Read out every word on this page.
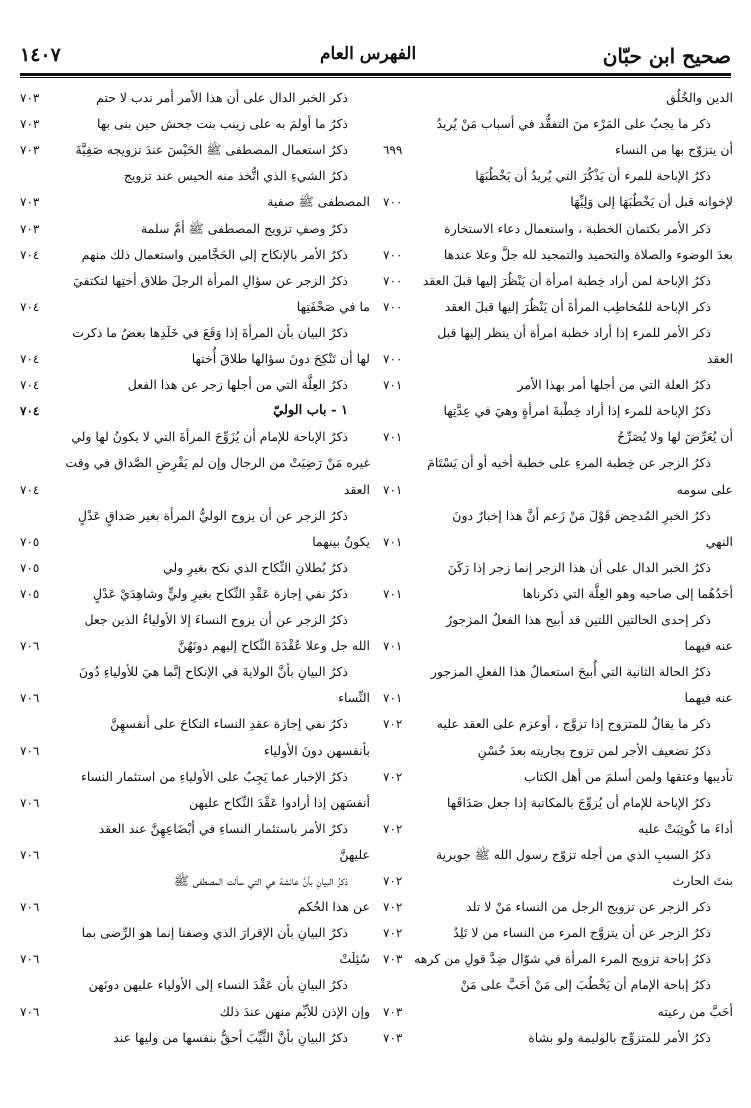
صحيح ابن حبّان
الفهرس العام
١٤٠٧
الدين والخُلُق
ذكر ما يجبُ على المَرْء منَ التفقُّد في أسباب مَنْ يُريدُ
أن يتزوّج بها من النساء
ذكرُ الإباحة للمرء أن يَذْكُرَ التي يُريدُ أن يَخْطُبَهَا
لإخوانه قبل أن يَخْطُبَهَا إلى وَلِيِّهَا
ذكر الأمر بكتمان الخطبة ، واستعمال دعاء الاستخارة
بعدَ الوضوء والصلاة والتحميد والتمجيد لله جلَّ وعلا عندها
ذكرُ الإباحة لمن أراد خِطبة امرأة أن يَنْظُرَ إليها قبلَ العقد
ذكر الإباحة للمُخاطِب المرأةَ أن يَنْظُرَ إليها قبلَ العقد
ذكر الأمر للمرء إذا أراد خطبة امرأة أن ينظر إليها قبل
العقد
ذكرُ العلة التي من أجلها أمر بهذا الأمر
ذكرُ الإباحة للمرء إذا أراد خِطْبةَ امرأةٍ وهيَ في عِدَّتِها
أن يُعَرِّضَ لها ولا يُصَرِّحُ
ذكرُ الزجر عن خِطبة المرءِ على خطبة أخيه أو أن يَسْتَامَ
على سومه
ذكرُ الخبرِ المُدحِض قَوْلَ مَنْ زَعم أنَّ هذا إخبارٌ دونَ
النهي
ذكرُ الخبر الدال على أن هذا الزجر إنما زجر إذا رَكَنَ
أحَدُهُما إلى صاحبه وهو العِلَّة التي ذكرناها
ذكر إحدى الحالتين اللتين قد أبيح هذا الفعلُ المزجورُ
عنه فيهما
ذكرُ الحالة الثانية التي أُبيحَ استعمالُ هذا الفعلِ المزجور
عنه فيهما
ذكر ما يقالُ للمتزوج إذا تزوَّج ، أوعزم على العقد عليه
ذكرُ تضعيف الأجر لمن تزوج بجاريته بعدَ حُسْنِ
تأديبها وعتقها ولمن أسلمَ من أهل الكتاب
ذكرُ الإباحة للإمام أن يُزوِّجَ بالمكاتبة إذا جعل صَدَاقَها
أداءَ ما كُوتِبَتْ عليه
ذكرُ السببِ الذي من أجله تزوّج رسول الله ﷺ جويرية
بنتَ الحارث
ذكر الزجر عن تزويج الرجل من النساء مَنْ لا تلد
ذكرُ الزجر عن أن يتزوَّج المرء من النساء من لا تَلِدُ
ذكرُ إباحة تزويج المرء المرأة في شوّال ضِدَّ قولِ من كرهه
ذكرُ إباحة الإمام أن يَخْطُبَ إلى مَنْ أحَبَّ على مَنْ
أحَبَّ من رعيته
ذكرُ الأمر للمتزوِّج بالوليمة ولو بشاة
ذكر الخبر الدال على أن هذا الأمر أمر ندب لا حتم
٧٠٣
ذكرُ ما أولمَ به على زينب بنت جحش حين بنى بها
٧٠٣
ذكرُ استعمال المصطفى ﷺ الحَيْسَ عندَ تزويجه صَفِيَّةَ
٧٠٣
ذكرُ الشيءِ الذي اتُّخذ منه الحيس عند تزويج
المصطفى ﷺ صفية
٧٠٣
ذكرُ وصفِ تزويج المصطفى ﷺ أمَّ سلمة
٧٠٣
ذكرُ الأمر بالإنكاح إلى الحَجَّامين واستعمال ذلك منهم
٧٠٤
ذكرُ الزجر عن سؤالِ المرأة الرجلَ طلاق أختِها لتكتفيَ
ما في صَحْفَتِها
٧٠٤
ذكرُ البيان بأن المرأةَ إذا وَقَعَ في خَلَدِها بعضُ ما ذكرت
لها أن تَنْكِحَ دونَ سؤالها طلاقَ أُختها
٧٠٤
ذكرُ العِلَّة التي من أجلها زجر عن هذا الفعل
٧٠٤
١ - باب الوليّ
٧٠٤
ذكرُ الإباحة للإمام أن يُزَوِّجَ المرأةَ التي لا يكونُ لها ولي
غيره مَنْ رَضِيَتْ من الرجال وإن لم يَفْرِضِ الصَّداق في وقت
العقد
٧٠٤
ذكرُ الزجر عن أن يزوج الوليُّ المرأة بغير صَداقٍ عَدْلٍ
يكونُ بينهما
٧٠٥
ذكرُ بُطلانِ النِّكاح الذي نكح بغيرِ ولي
٧٠٥
ذكرُ نفي إجازة عَقْدِ النِّكاح بغيرِ وليٍّ وشاهِدَيْ عَدْلٍ
٧٠٥
ذكرُ الزجر عن أن يزوج النساءَ إلا الأولياءُ الذين جعل
الله جل وعلا عُقْدَةَ النِّكاح إليهم دونَهُنَّ
٧٠٦
ذكرُ البيانِ بأنَّ الولايةَ في الإنكاح إنَّما هيَ للأولياءِ دُونَ
النِّساء
٧٠٦
ذكرُ نفي إجازة عقدِ النساء النكاحَ على أنفسهِنَّ
بأنفسهن دونَ الأولياء
٧٠٦
ذكرُ الإخبار عما يَجِبُ على الأولياءِ من استئمار النساء
أنفسَهن إذا أرادوا عَقْدَ النِّكاح عليهن
٧٠٦
ذكرُ الأمر باستئمار النساءِ في أبْضَاعِهِنَّ عند العقد
عليهنَّ
٧٠٦
ذكرُ البيانِ بأنَّ عائشة هي التي سألت المصطفى ﷺ
عن هذا الحُكم
٧٠٦
ذكرُ البيانِ بأن الإقرارَ الذي وصفنا إنما هو الرِّضى بما
سُئِلَتْ
٧٠٦
ذكرُ البيانِ بأن عَقْدَ النساء إلى الأولياء عليهن دونَهن
وإن الإذن للأيِّم منهن عندَ ذلك
٧٠٦
ذكرُ البيانِ بأنَّ الثَّيِّبَ أحقُّ بنفسها من وليها عند
٦٩٩
٧٠٠
٧٠٠
٧٠٠
٧٠٠
٧٠٠
٧٠١
٧٠١
٧٠١
٧٠١
٧٠١
٧٠١
٧٠١
٧٠٢
٧٠٢
٧٠٢
٧٠٢
٧٠٢
٧٠٢
٧٠٣
٧٠٣
٧٠٣
